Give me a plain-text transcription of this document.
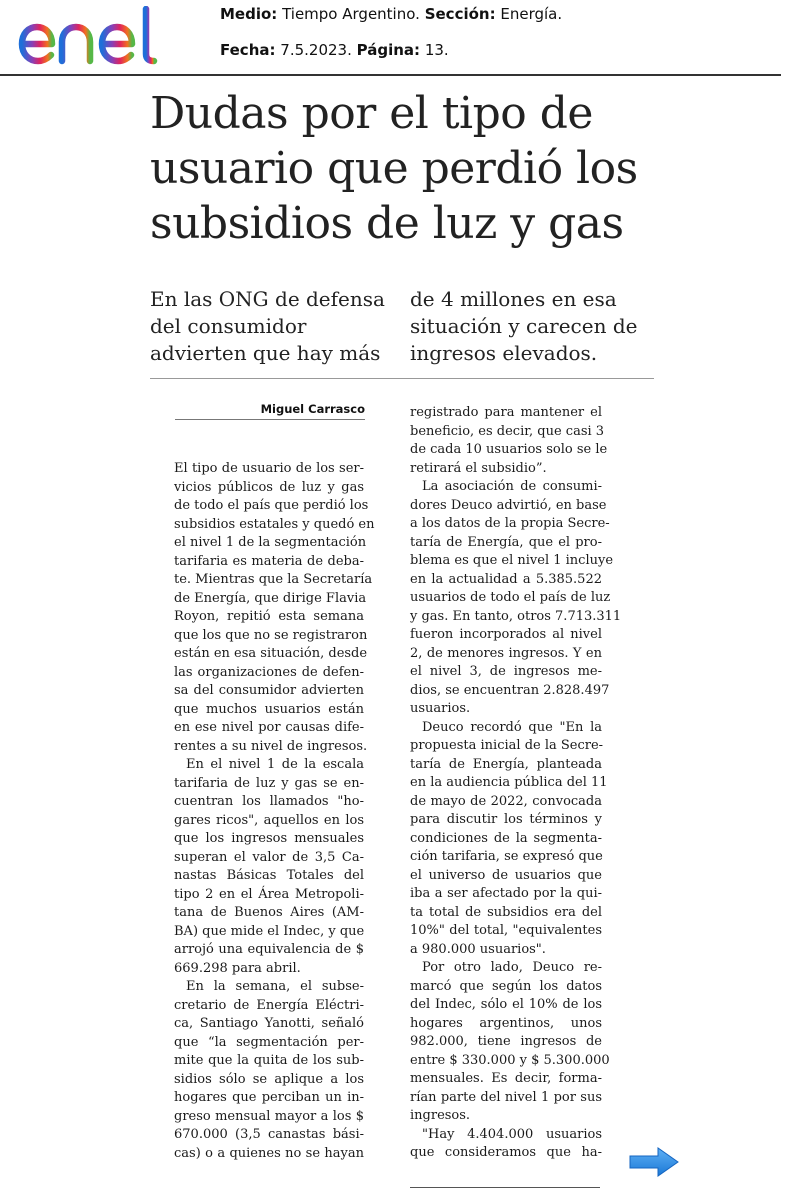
Medio: Tiempo Argentino. Sección: Energía.
Fecha: 7.5.2023. Página: 13.
Dudas por el tipo de
usuario que perdió los
subsidios de luz y gas

En las ONG de defensa
del consumidor
advierten que hay más

de 4 millones en esa
situación y carecen de
ingresos elevados.

Miguel Carrasco
El tipo de usuario de los ser-
vicios públicos de luz y gas
de todo el país que perdió los
subsidios estatales y quedó en
el nivel 1 de la segmentación
tarifaria es materia de deba-
te. Mientras que la Secretaría
de Energía, que dirige Flavia
Royon, repitió esta semana
que los que no se registraron
están en esa situación, desde
las organizaciones de defen-
sa del consumidor advierten
que muchos usuarios están
en ese nivel por causas dife-
rentes a su nivel de ingresos.
En el nivel 1 de la escala
tarifaria de luz y gas se en-
cuentran los llamados "ho-
gares ricos", aquellos en los
que los ingresos mensuales
superan el valor de 3,5 Ca-
nastas Básicas Totales del
tipo 2 en el Área Metropoli-
tana de Buenos Aires (AM-
BA) que mide el Indec, y que
arrojó una equivalencia de $
669.298 para abril.
En la semana, el subse-
cretario de Energía Eléctri-
ca, Santiago Yanotti, señaló
que “la segmentación per-
mite que la quita de los sub-
sidios sólo se aplique a los
hogares que perciban un in-
greso mensual mayor a los $
670.000 (3,5 canastas bási-
cas) o a quienes no se hayan
registrado para mantener el
beneficio, es decir, que casi 3
de cada 10 usuarios solo se le
retirará el subsidio”.
La asociación de consumi-
dores Deuco advirtió, en base
a los datos de la propia Secre-
taría de Energía, que el pro-
blema es que el nivel 1 incluye
en la actualidad a 5.385.522
usuarios de todo el país de luz
y gas. En tanto, otros 7.713.311
fueron incorporados al nivel
2, de menores ingresos. Y en
el nivel 3, de ingresos me-
dios, se encuentran 2.828.497
usuarios.
Deuco recordó que "En la
propuesta inicial de la Secre-
taría de Energía, planteada
en la audiencia pública del 11
de mayo de 2022, convocada
para discutir los términos y
condiciones de la segmenta-
ción tarifaria, se expresó que
el universo de usuarios que
iba a ser afectado por la qui-
ta total de subsidios era del
10%" del total, "equivalentes
a 980.000 usuarios".
Por otro lado, Deuco re-
marcó que según los datos
del Indec, sólo el 10% de los
hogares argentinos, unos
982.000, tiene ingresos de
entre $ 330.000 y $ 5.300.000
mensuales. Es decir, forma-
rían parte del nivel 1 por sus
ingresos.
"Hay 4.404.000 usuarios
que consideramos que ha-
